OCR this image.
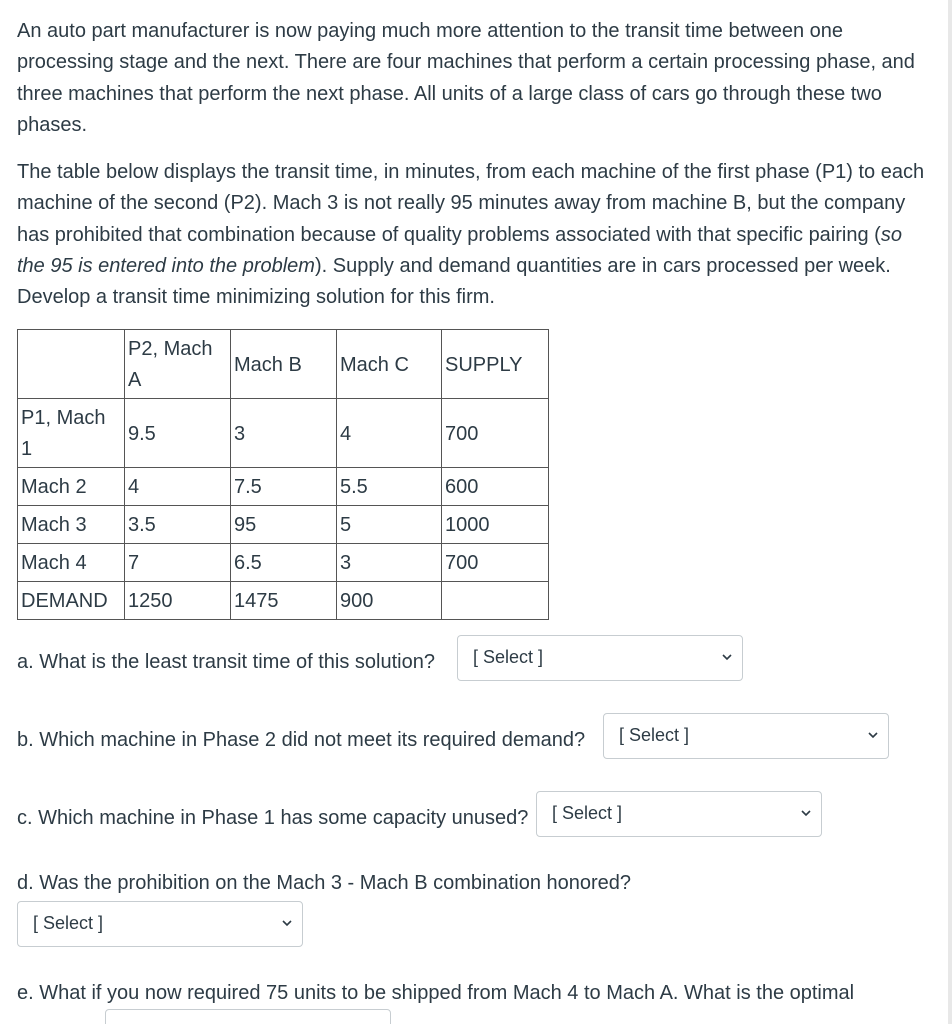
An auto part manufacturer is now paying much more attention to the transit time between one processing stage and the next. There are four machines that perform a certain processing phase, and three machines that perform the next phase. All units of a large class of cars go through these two phases.

The table below displays the transit time, in minutes, from each machine of the first phase (P1) to each machine of the second (P2). Mach 3 is not really 95 minutes away from machine B, but the company has prohibited that combination because of quality problems associated with that specific pairing (so the 95 is entered into the problem). Supply and demand quantities are in cars processed per week. Develop a transit time minimizing solution for this firm.

	P2, Mach A	Mach B	Mach C	SUPPLY
P1, Mach 1	9.5	3	4	700
Mach 2	4	7.5	5.5	600
Mach 3	3.5	95	5	1000
Mach 4	7	6.5	3	700
DEMAND	1250	1475	900	

a. What is the least transit time of this solution? [ Select ]

b. Which machine in Phase 2 did not meet its required demand? [ Select ]

c. Which machine in Phase 1 has some capacity unused? [ Select ]

d. Was the prohibition on the Mach 3 - Mach B combination honored?

[ Select ]

e. What if you now required 75 units to be shipped from Mach 4 to Mach A. What is the optimal
